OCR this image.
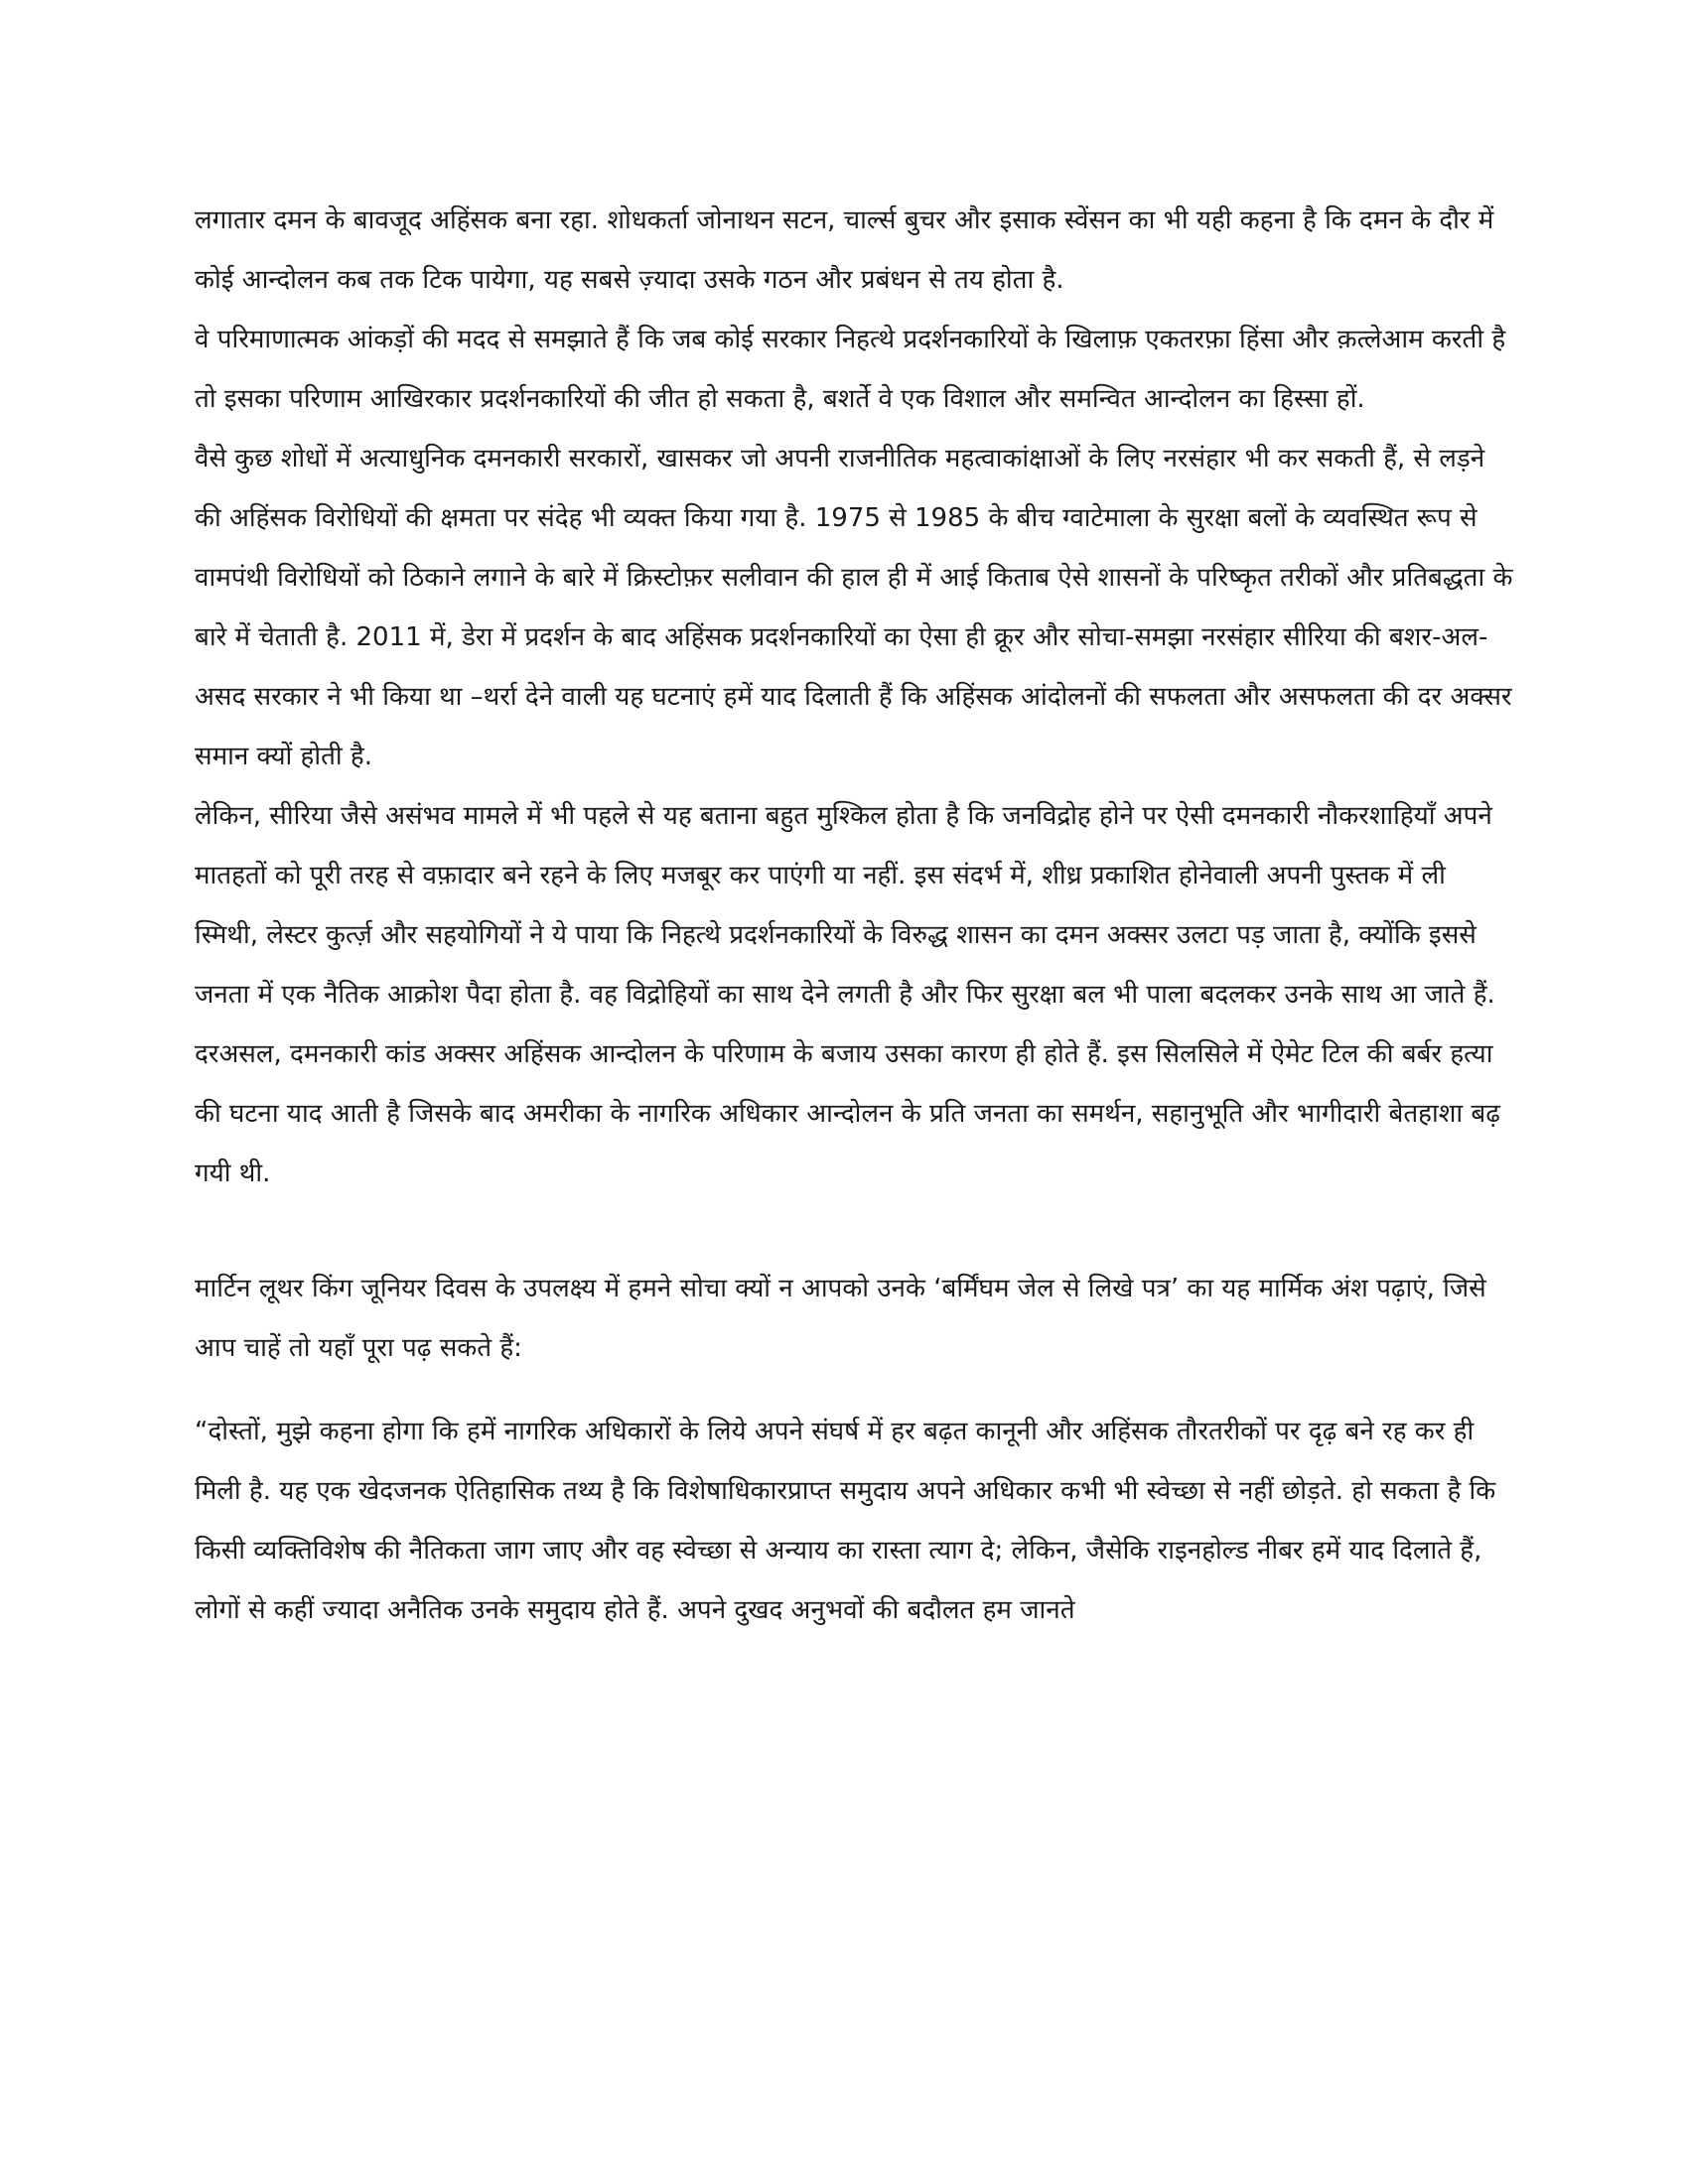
लगातार दमन के बावजूद अहिंसक बना रहा. शोधकर्ता जोनाथन सटन, चार्ल्स बुचर और इसाक स्वेंसन का भी यही कहना है कि दमन के दौर में कोई आन्दोलन कब तक टिक पायेगा, यह सबसे ज़्यादा उसके गठन और प्रबंधन से तय होता है.

वे परिमाणात्मक आंकड़ों की मदद से समझाते हैं कि जब कोई सरकार निहत्थे प्रदर्शनकारियों के खिलाफ़ एकतरफ़ा हिंसा और क़त्लेआम करती है तो इसका परिणाम आखिरकार प्रदर्शनकारियों की जीत हो सकता है, बशर्ते वे एक विशाल और समन्वित आन्दोलन का हिस्सा हों.

वैसे कुछ शोधों में अत्याधुनिक दमनकारी सरकारों, खासकर जो अपनी राजनीतिक महत्वाकांक्षाओं के लिए नरसंहार भी कर सकती हैं, से लड़ने की अहिंसक विरोधियों की क्षमता पर संदेह भी व्यक्त किया गया है. 1975 से 1985 के बीच ग्वाटेमाला के सुरक्षा बलों के व्यवस्थित रूप से वामपंथी विरोधियों को ठिकाने लगाने के बारे में क्रिस्टोफ़र सलीवान की हाल ही में आई किताब ऐसे शासनों के परिष्कृत तरीकों और प्रतिबद्धता के बारे में चेताती है. 2011 में, डेरा में प्रदर्शन के बाद अहिंसक प्रदर्शनकारियों का ऐसा ही क्रूर और सोचा-समझा नरसंहार सीरिया की बशर-अल-असद सरकार ने भी किया था –थर्रा देने वाली यह घटनाएं हमें याद दिलाती हैं कि अहिंसक आंदोलनों की सफलता और असफलता की दर अक्सर समान क्यों होती है.

लेकिन, सीरिया जैसे असंभव मामले में भी पहले से यह बताना बहुत मुश्किल होता है कि जनविद्रोह होने पर ऐसी दमनकारी नौकरशाहियाँ अपने मातहतों को पूरी तरह से वफ़ादार बने रहने के लिए मजबूर कर पाएंगी या नहीं. इस संदर्भ में, शीध्र प्रकाशित होनेवाली अपनी पुस्तक में ली स्मिथी, लेस्टर कुर्त्ज़ और सहयोगियों ने ये पाया कि निहत्थे प्रदर्शनकारियों के विरुद्ध शासन का दमन अक्सर उलटा पड़ जाता है, क्योंकि इससे जनता में एक नैतिक आक्रोश पैदा होता है. वह विद्रोहियों का साथ देने लगती है और फिर सुरक्षा बल भी पाला बदलकर उनके साथ आ जाते हैं. दरअसल, दमनकारी कांड अक्सर अहिंसक आन्दोलन के परिणाम के बजाय उसका कारण ही होते हैं. इस सिलसिले में ऐमेट टिल की बर्बर हत्या की घटना याद आती है जिसके बाद अमरीका के नागरिक अधिकार आन्दोलन के प्रति जनता का समर्थन, सहानुभूति और भागीदारी बेतहाशा बढ़ गयी थी.

मार्टिन लूथर किंग जूनियर दिवस के उपलक्ष्य में हमने सोचा क्यों न आपको उनके ‘बर्मिंघम जेल से लिखे पत्र’ का यह मार्मिक अंश पढ़ाएं, जिसे आप चाहें तो यहाँ पूरा पढ़ सकते हैं:

“दोस्तों, मुझे कहना होगा कि हमें नागरिक अधिकारों के लिये अपने संघर्ष में हर बढ़त कानूनी और अहिंसक तौरतरीकों पर दृढ़ बने रह कर ही मिली है. यह एक खेदजनक ऐतिहासिक तथ्य है कि विशेषाधिकारप्राप्त समुदाय अपने अधिकार कभी भी स्वेच्छा से नहीं छोड़ते. हो सकता है कि किसी व्यक्तिविशेष की नैतिकता जाग जाए और वह स्वेच्छा से अन्याय का रास्ता त्याग दे; लेकिन, जैसेकि राइनहोल्ड नीबर हमें याद दिलाते हैं, लोगों से कहीं ज्यादा अनैतिक उनके समुदाय होते हैं. अपने दुखद अनुभवों की बदौलत हम जानते
